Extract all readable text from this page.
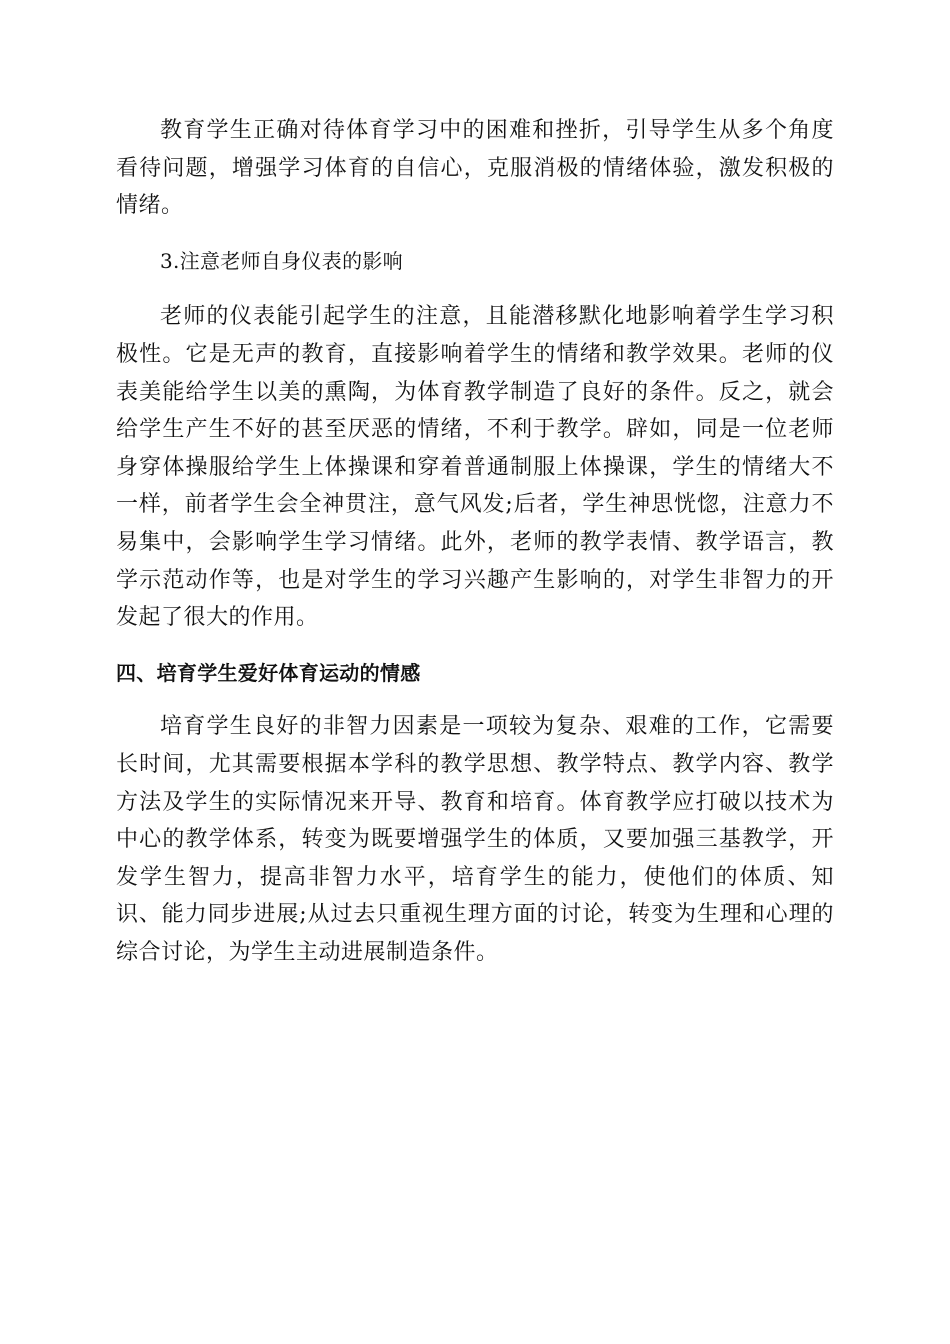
教育学生正确对待体育学习中的困难和挫折，引导学生从多个角度看待问题，增强学习体育的自信心，克服消极的情绪体验，激发积极的情绪。

3.注意老师自身仪表的影响

老师的仪表能引起学生的注意，且能潜移默化地影响着学生学习积极性。它是无声的教育，直接影响着学生的情绪和教学效果。老师的仪表美能给学生以美的熏陶，为体育教学制造了良好的条件。反之，就会给学生产生不好的甚至厌恶的情绪，不利于教学。辟如，同是一位老师身穿体操服给学生上体操课和穿着普通制服上体操课，学生的情绪大不一样，前者学生会全神贯注，意气风发;后者，学生神思恍惚，注意力不易集中，会影响学生学习情绪。此外，老师的教学表情、教学语言，教学示范动作等，也是对学生的学习兴趣产生影响的，对学生非智力的开发起了很大的作用。

四、培育学生爱好体育运动的情感

培育学生良好的非智力因素是一项较为复杂、艰难的工作，它需要长时间，尤其需要根据本学科的教学思想、教学特点、教学内容、教学方法及学生的实际情况来开导、教育和培育。体育教学应打破以技术为中心的教学体系，转变为既要增强学生的体质，又要加强三基教学，开发学生智力，提高非智力水平，培育学生的能力，使他们的体质、知识、能力同步进展;从过去只重视生理方面的讨论，转变为生理和心理的综合讨论，为学生主动进展制造条件。
